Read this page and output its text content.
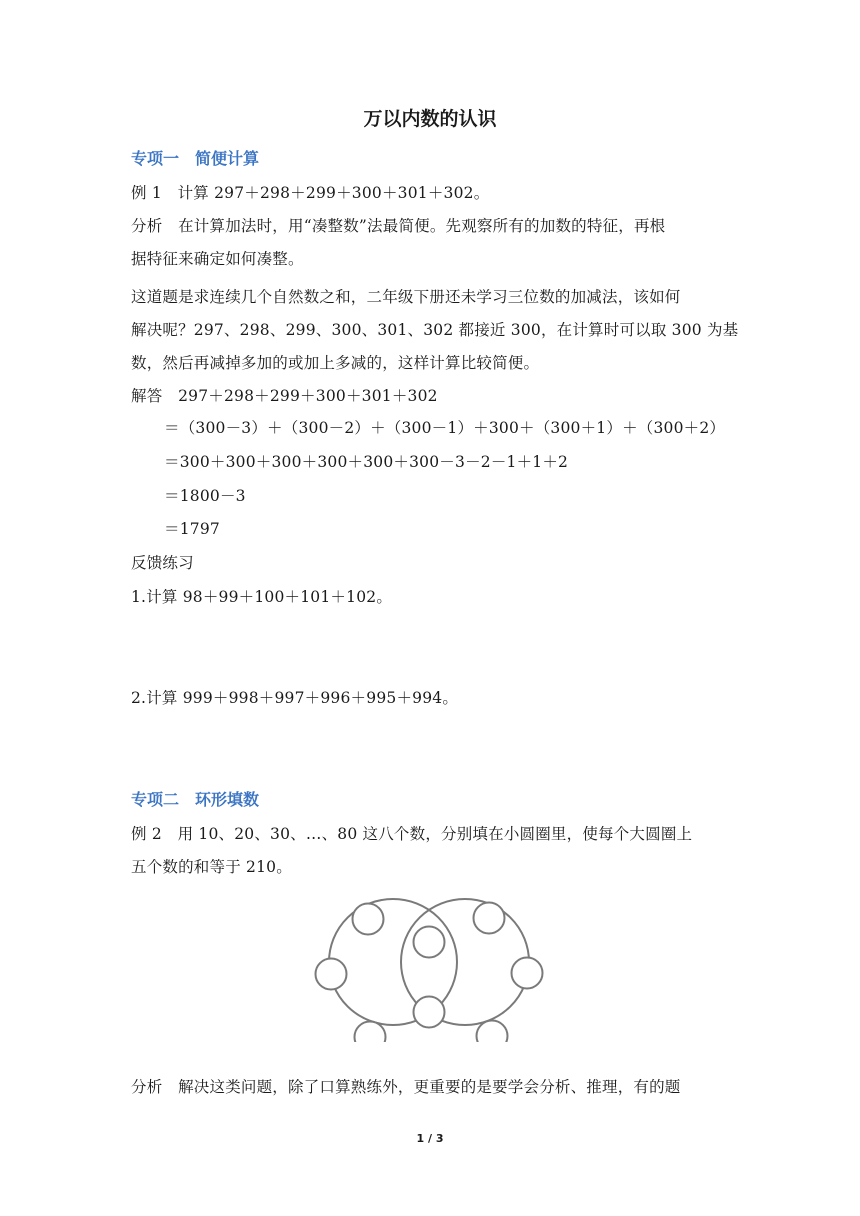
万以内数的认识
专项一　简便计算
例 1　计算 297＋298＋299＋300＋301＋302。
分析　在计算加法时，用“凑整数”法最简便。先观察所有的加数的特征，再根
据特征来确定如何凑整。
这道题是求连续几个自然数之和，二年级下册还未学习三位数的加减法，该如何
解决呢？297、298、299、300、301、302 都接近 300，在计算时可以取 300 为基
数，然后再减掉多加的或加上多减的，这样计算比较简便。
解答　297＋298＋299＋300＋301＋302
＝（300－3）＋（300－2）＋（300－1）＋300＋（300＋1）＋（300＋2）
＝300＋300＋300＋300＋300＋300－3－2－1＋1＋2
＝1800－3
＝1797
反馈练习
1.计算 98＋99＋100＋101＋102。
2.计算 999＋998＋997＋996＋995＋994。
专项二　环形填数
例 2　用 10、20、30、…、80 这八个数，分别填在小圆圈里，使每个大圆圈上
五个数的和等于 210。
分析　解决这类问题，除了口算熟练外，更重要的是要学会分析、推理，有的题
1 / 3
